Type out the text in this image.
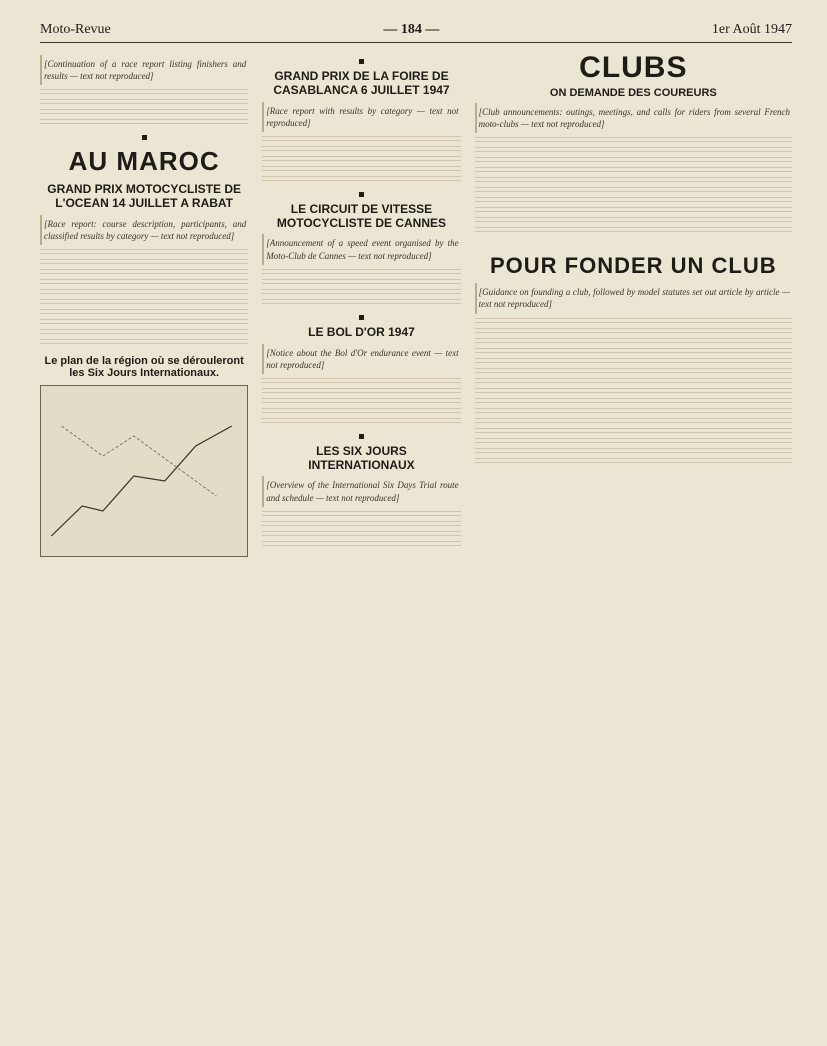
Moto-Revue	— 184 —	1er Août 1947
[Continuation of a race report listing finishers and results — text not reproduced]
AU MAROC
GRAND PRIX MOTOCYCLISTE DE L'OCEAN 14 JUILLET A RABAT
[Race report: course description, participants, and classified results by category — text not reproduced]
Le plan de la région où se dérouleront les Six Jours Internationaux.
GRAND PRIX DE LA FOIRE DE CASABLANCA 6 JUILLET 1947
[Race report with results by category — text not reproduced]
LE CIRCUIT DE VITESSE MOTOCYCLISTE DE CANNES
[Announcement of a speed event organised by the Moto-Club de Cannes — text not reproduced]
LE BOL D'OR 1947
[Notice about the Bol d'Or endurance event — text not reproduced]
LES SIX JOURS INTERNATIONAUX
[Overview of the International Six Days Trial route and schedule — text not reproduced]
CLUBS
ON DEMANDE DES COUREURS
[Club announcements: outings, meetings, and calls for riders from several French moto-clubs — text not reproduced]
POUR FONDER UN CLUB
[Guidance on founding a club, followed by model statutes set out article by article — text not reproduced]
